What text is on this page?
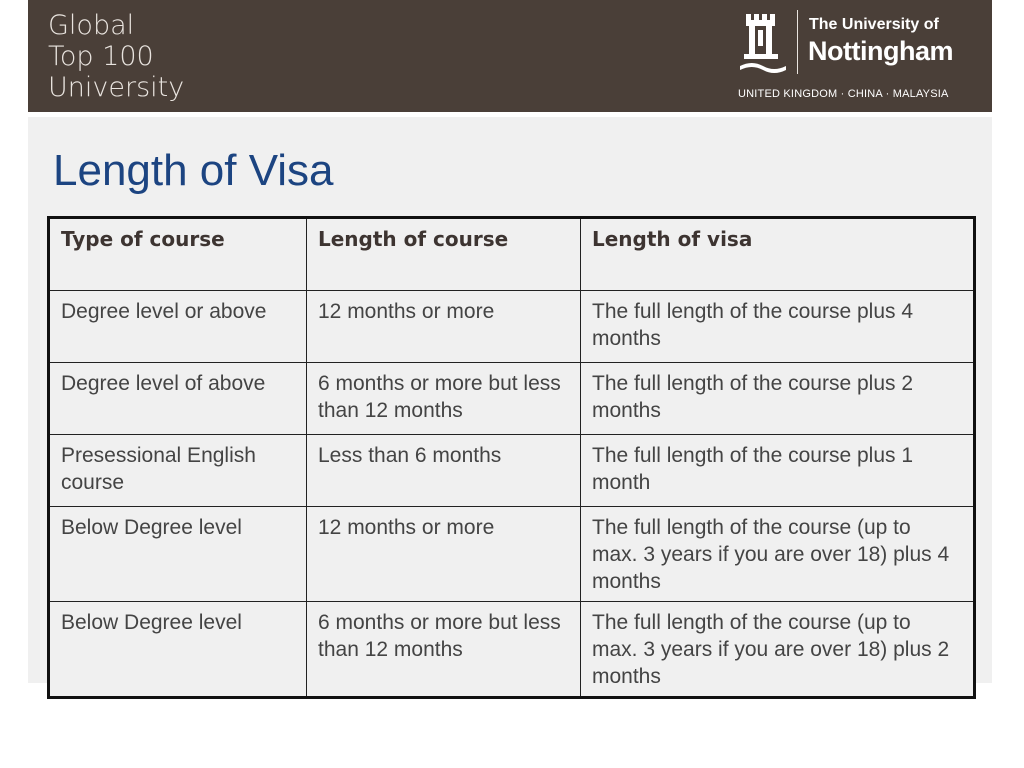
Global
Top 100
University
The University of
Nottingham
UNITED KINGDOM · CHINA · MALAYSIA
Length of Visa
Type of course	Length of course	Length of visa
Degree level or above	12 months or more	The full length of the course plus 4 months
Degree level of above	6 months or more but less than 12 months	The full length of the course plus 2 months
Presessional English course	Less than 6 months	The full length of the course plus 1 month
Below Degree level	12 months or more	The full length of the course (up to max. 3 years if you are over 18) plus 4 months
Below Degree level	6 months or more but less than 12 months	The full length of the course (up to max. 3 years if you are over 18) plus 2 months
